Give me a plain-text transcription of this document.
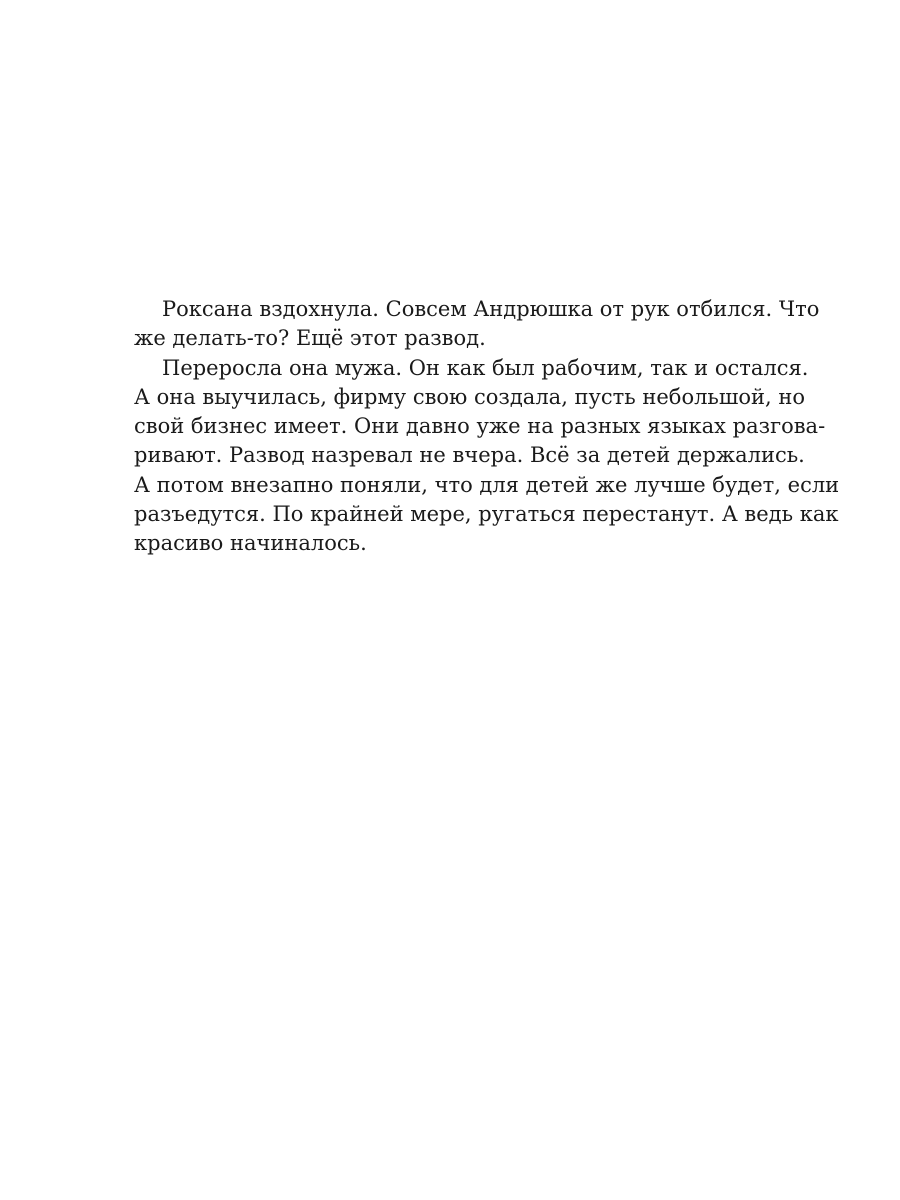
Роксана вздохнула. Совсем Андрюшка от рук отбился. Что
же делать-то? Ещё этот развод.
Переросла она мужа. Он как был рабочим, так и остался.
А она выучилась, фирму свою создала, пусть небольшой, но
свой бизнес имеет. Они давно уже на разных языках разгова-
ривают. Развод назревал не вчера. Всё за детей держались.
А потом внезапно поняли, что для детей же лучше будет, если
разъедутся. По крайней мере, ругаться перестанут. А ведь как
красиво начиналось.
